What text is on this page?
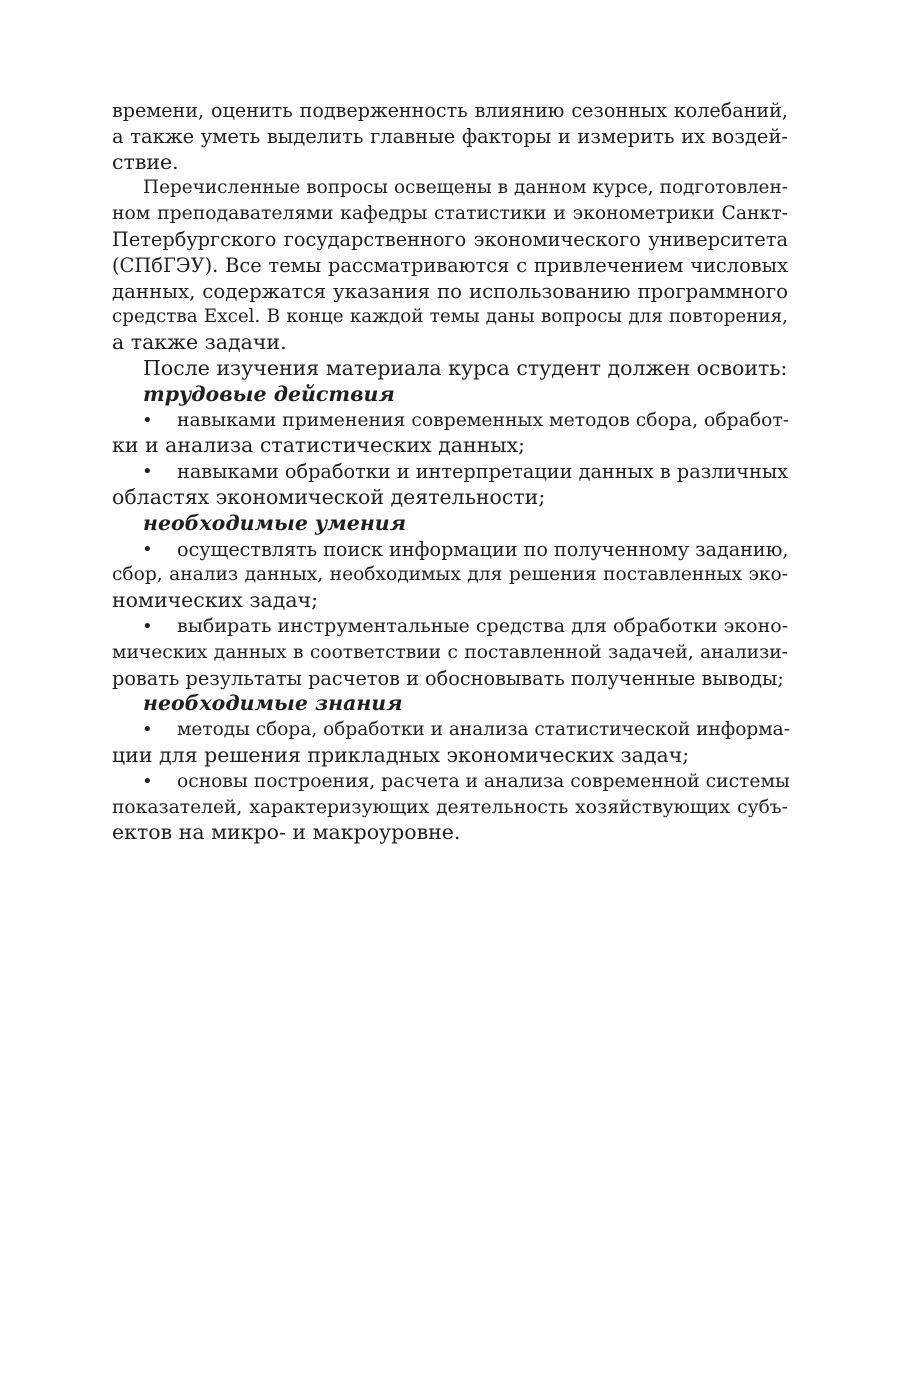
времени, оценить подверженность влиянию сезонных колебаний,
а также уметь выделить главные факторы и измерить их воздей-
ствие.
Перечисленные вопросы освещены в данном курсе, подготовлен-
ном преподавателями кафедры статистики и эконометрики Санкт-
Петербургского государственного экономического университета
(СПбГЭУ). Все темы рассматриваются с привлечением числовых
данных, содержатся указания по использованию программного
средства Excel. В конце каждой темы даны вопросы для повторения,
а также задачи.
После изучения материала курса студент должен освоить:
трудовые действия
• навыками применения современных методов сбора, обработ-
ки и анализа статистических данных;
• навыками обработки и интерпретации данных в различных
областях экономической деятельности;
необходимые умения
• осуществлять поиск информации по полученному заданию,
сбор, анализ данных, необходимых для решения поставленных эко-
номических задач;
• выбирать инструментальные средства для обработки эконо-
мических данных в соответствии с поставленной задачей, анализи-
ровать результаты расчетов и обосновывать полученные выводы;
необходимые знания
• методы сбора, обработки и анализа статистической информа-
ции для решения прикладных экономических задач;
• основы построения, расчета и анализа современной системы
показателей, характеризующих деятельность хозяйствующих субъ-
ектов на микро- и макроуровне.
